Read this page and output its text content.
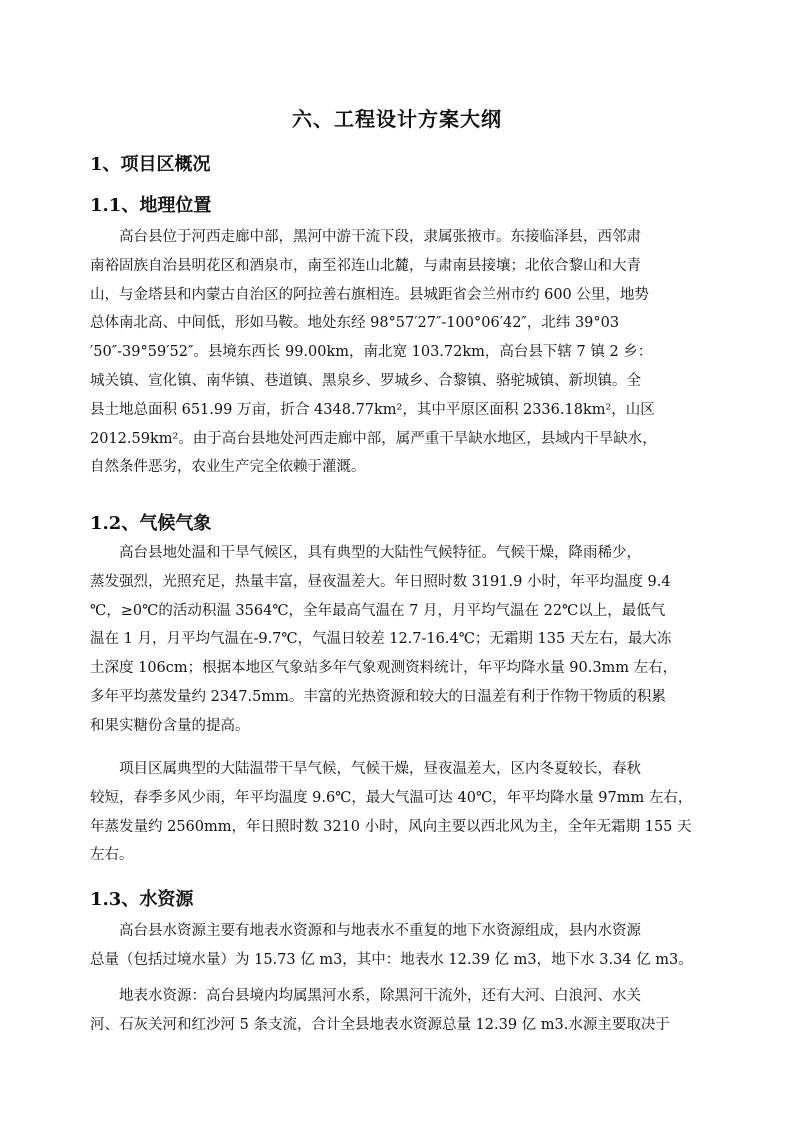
六、工程设计方案大纲
1、项目区概况
1.1、地理位置
高台县位于河西走廊中部，黑河中游干流下段，隶属张掖市。东接临泽县，西邻肃
南裕固族自治县明花区和酒泉市，南至祁连山北麓，与肃南县接壤；北依合黎山和大青
山，与金塔县和内蒙古自治区的阿拉善右旗相连。县城距省会兰州市约 600 公里，地势
总体南北高、中间低，形如马鞍。地处东经 98°57′27″-100°06′42″，北纬 39°03
′50″-39°59′52″。县境东西长 99.00km，南北宽 103.72km，高台县下辖 7 镇 2 乡：
城关镇、宣化镇、南华镇、巷道镇、黑泉乡、罗城乡、合黎镇、骆驼城镇、新坝镇。全
县土地总面积 651.99 万亩，折合 4348.77km²，其中平原区面积 2336.18km²，山区
2012.59km²。由于高台县地处河西走廊中部，属严重干旱缺水地区，县域内干旱缺水，
自然条件恶劣，农业生产完全依赖于灌溉。
1.2、气候气象
高台县地处温和干旱气候区，具有典型的大陆性气候特征。气候干燥，降雨稀少，
蒸发强烈，光照充足，热量丰富，昼夜温差大。年日照时数 3191.9 小时，年平均温度 9.4
℃，≥0℃的活动积温 3564℃，全年最高气温在 7 月，月平均气温在 22℃以上，最低气
温在 1 月，月平均气温在-9.7℃，气温日较差 12.7-16.4℃；无霜期 135 天左右，最大冻
土深度 106cm；根据本地区气象站多年气象观测资料统计，年平均降水量 90.3mm 左右，
多年平均蒸发量约 2347.5mm。丰富的光热资源和较大的日温差有利于作物干物质的积累
和果实糖份含量的提高。
项目区属典型的大陆温带干旱气候，气候干燥，昼夜温差大，区内冬夏较长，春秋
较短，春季多风少雨，年平均温度 9.6℃，最大气温可达 40℃，年平均降水量 97mm 左右，
年蒸发量约 2560mm，年日照时数 3210 小时，风向主要以西北风为主，全年无霜期 155 天
左右。
1.3、水资源
高台县水资源主要有地表水资源和与地表水不重复的地下水资源组成，县内水资源
总量（包括过境水量）为 15.73 亿 m3，其中：地表水 12.39 亿 m3，地下水 3.34 亿 m3。
地表水资源：高台县境内均属黑河水系，除黑河干流外，还有大河、白浪河、水关
河、石灰关河和红沙河 5 条支流，合计全县地表水资源总量 12.39 亿 m3.水源主要取决于
